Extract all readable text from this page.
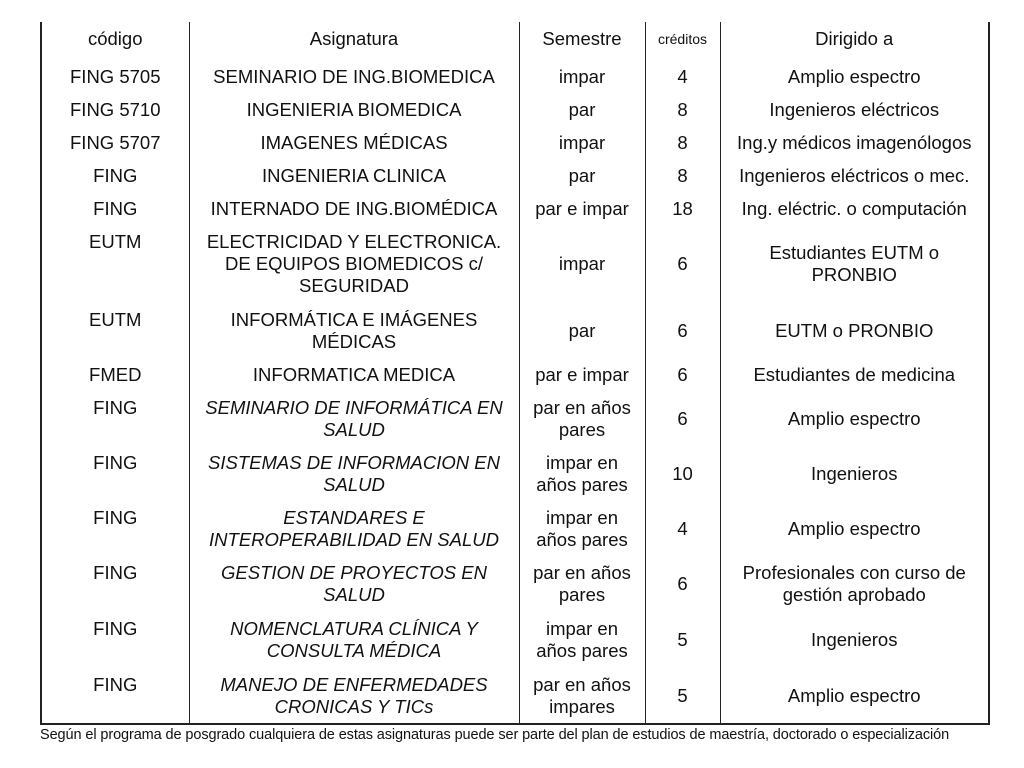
código	Asignatura	Semestre	créditos	Dirigido a
FING 5705	SEMINARIO DE ING.BIOMEDICA	impar	4	Amplio espectro
FING 5710	INGENIERIA BIOMEDICA	par	8	Ingenieros eléctricos
FING 5707	IMAGENES MÉDICAS	impar	8	Ing.y médicos imagenólogos
FING	INGENIERIA CLINICA	par	8	Ingenieros eléctricos o mec.
FING	INTERNADO DE ING.BIOMÉDICA	par e impar	18	Ing. eléctric. o computación
EUTM	ELECTRICIDAD Y ELECTRONICA. DE EQUIPOS BIOMEDICOS c/ SEGURIDAD	impar	6	Estudiantes EUTM o PRONBIO
EUTM	INFORMÁTICA E IMÁGENES MÉDICAS	par	6	EUTM o PRONBIO
FMED	INFORMATICA MEDICA	par e impar	6	Estudiantes de medicina
FING	SEMINARIO DE INFORMÁTICA EN SALUD	par en años pares	6	Amplio espectro
FING	SISTEMAS DE INFORMACION EN SALUD	impar en años pares	10	Ingenieros
FING	ESTANDARES E INTEROPERABILIDAD EN SALUD	impar en años pares	4	Amplio espectro
FING	GESTION DE PROYECTOS EN SALUD	par en años pares	6	Profesionales con curso de gestión aprobado
FING	NOMENCLATURA CLÍNICA Y CONSULTA MÉDICA	impar en años pares	5	Ingenieros
FING	MANEJO DE ENFERMEDADES CRONICAS Y TICs	par en años impares	5	Amplio espectro
Según el programa de posgrado cualquiera de estas asignaturas puede ser parte del plan de estudios de maestría, doctorado o especialización
